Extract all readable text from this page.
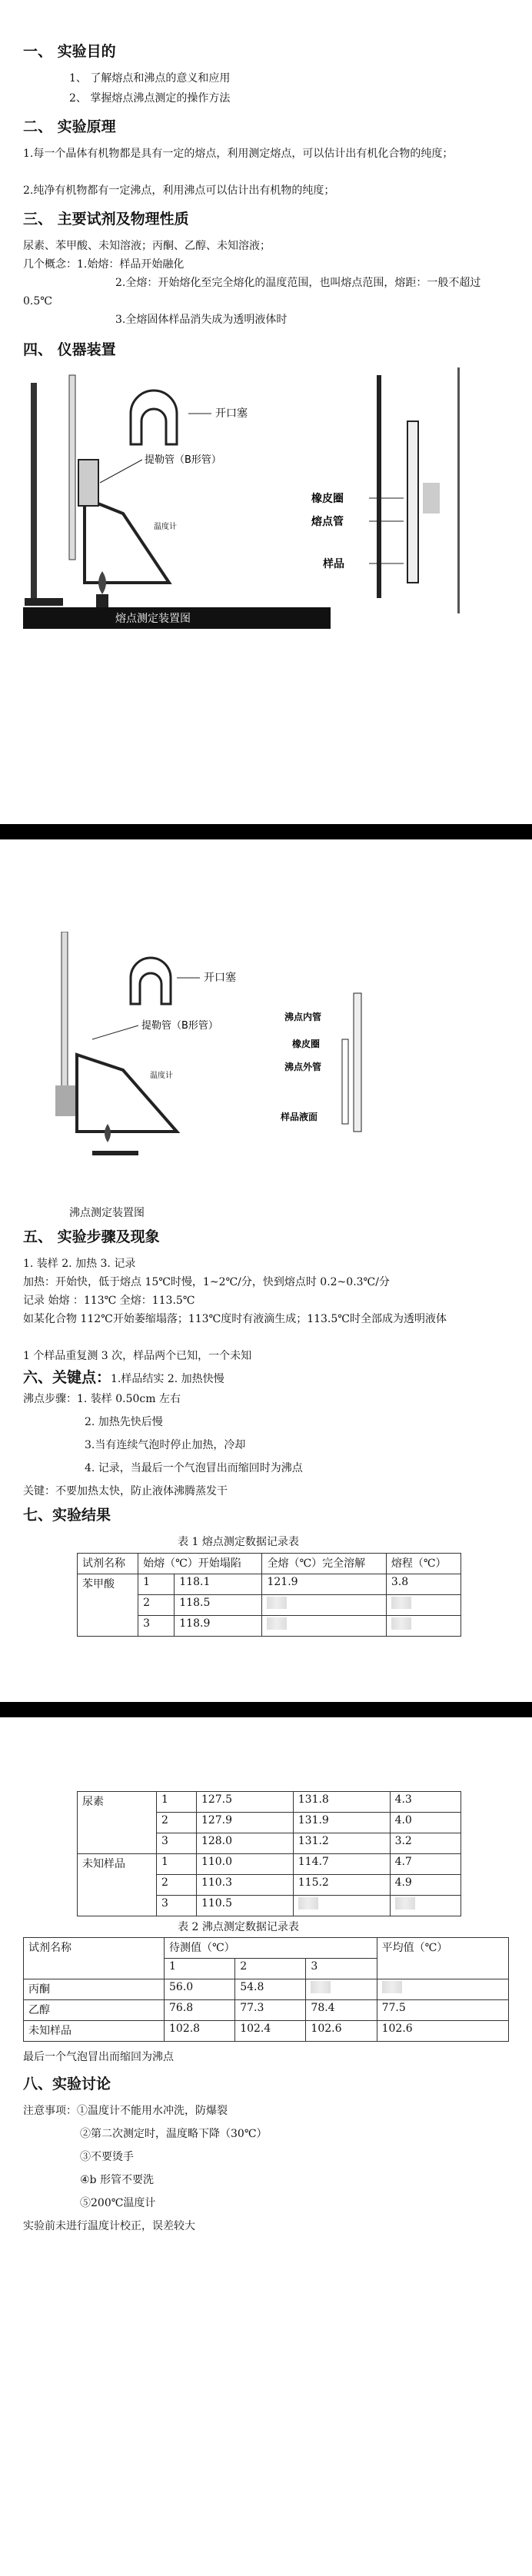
一、 实验目的
1、 了解熔点和沸点的意义和应用
2、 掌握熔点沸点测定的操作方法
二、 实验原理
1.每一个晶体有机物都是具有一定的熔点，利用测定熔点，可以估计出有机化合物的纯度；
2.纯净有机物都有一定沸点，利用沸点可以估计出有机物的纯度；
三、 主要试剂及物理性质
尿素、苯甲酸、未知溶液；丙酮、乙醇、未知溶液；
几个概念：1.始熔：样品开始融化
2.全熔：开始熔化至完全熔化的温度范围，也叫熔点范围，熔距：一般不超过 0.5℃
3.全熔固体样品消失成为透明液体时
四、 仪器装置
开口塞
提勒管（B形管）
温度计
熔点测定装置图
橡皮圈
熔点管
样品
开口塞
提勒管（B形管）
温度计
沸点内管
橡皮圈
沸点外管
样品液面
沸点测定装置图
五、 实验步骤及现象
1. 装样 2. 加热 3. 记录
加热：开始快，低于熔点 15℃时慢，1~2℃/分，快到熔点时 0.2~0.3℃/分
记录 始熔 ：113℃ 全熔：113.5℃
如某化合物 112℃开始萎缩塌落；113℃度时有液滴生成；113.5℃时全部成为透明液体
1 个样品重复测 3 次，样品两个已知，一个未知
六、关键点：1.样品结实 2. 加热快慢
沸点步骤：1. 装样 0.50cm 左右
2. 加热先快后慢
3.当有连续气泡时停止加热，冷却
4. 记录，当最后一个气泡冒出而缩回时为沸点
关键：不要加热太快，防止液体沸腾蒸发干
七、实验结果
表 1 熔点测定数据记录表
试剂名称	始熔（℃）开始塌陷		全熔（℃）完全溶解	熔程（℃）
苯甲酸	1	118.1	121.9	3.8
	2	118.5		
	3	118.9		
尿素	1	127.5	131.8	4.3
	2	127.9	131.9	4.0
	3	128.0	131.2	3.2
未知样品	1	110.0	114.7	4.7
	2	110.3	115.2	4.9
	3	110.5		
表 2 沸点测定数据记录表
试剂名称	待测值（℃）			平均值（℃）
	1	2	3	
丙酮	56.0	54.8		
乙醇	76.8	77.3	78.4	77.5
未知样品	102.8	102.4	102.6	102.6
最后一个气泡冒出而缩回为沸点
八、实验讨论
注意事项：①温度计不能用水冲洗，防爆裂
②第二次测定时，温度略下降（30℃）
③不要烫手
④b 形管不要洗
⑤200℃温度计
实验前未进行温度计校正，误差较大
